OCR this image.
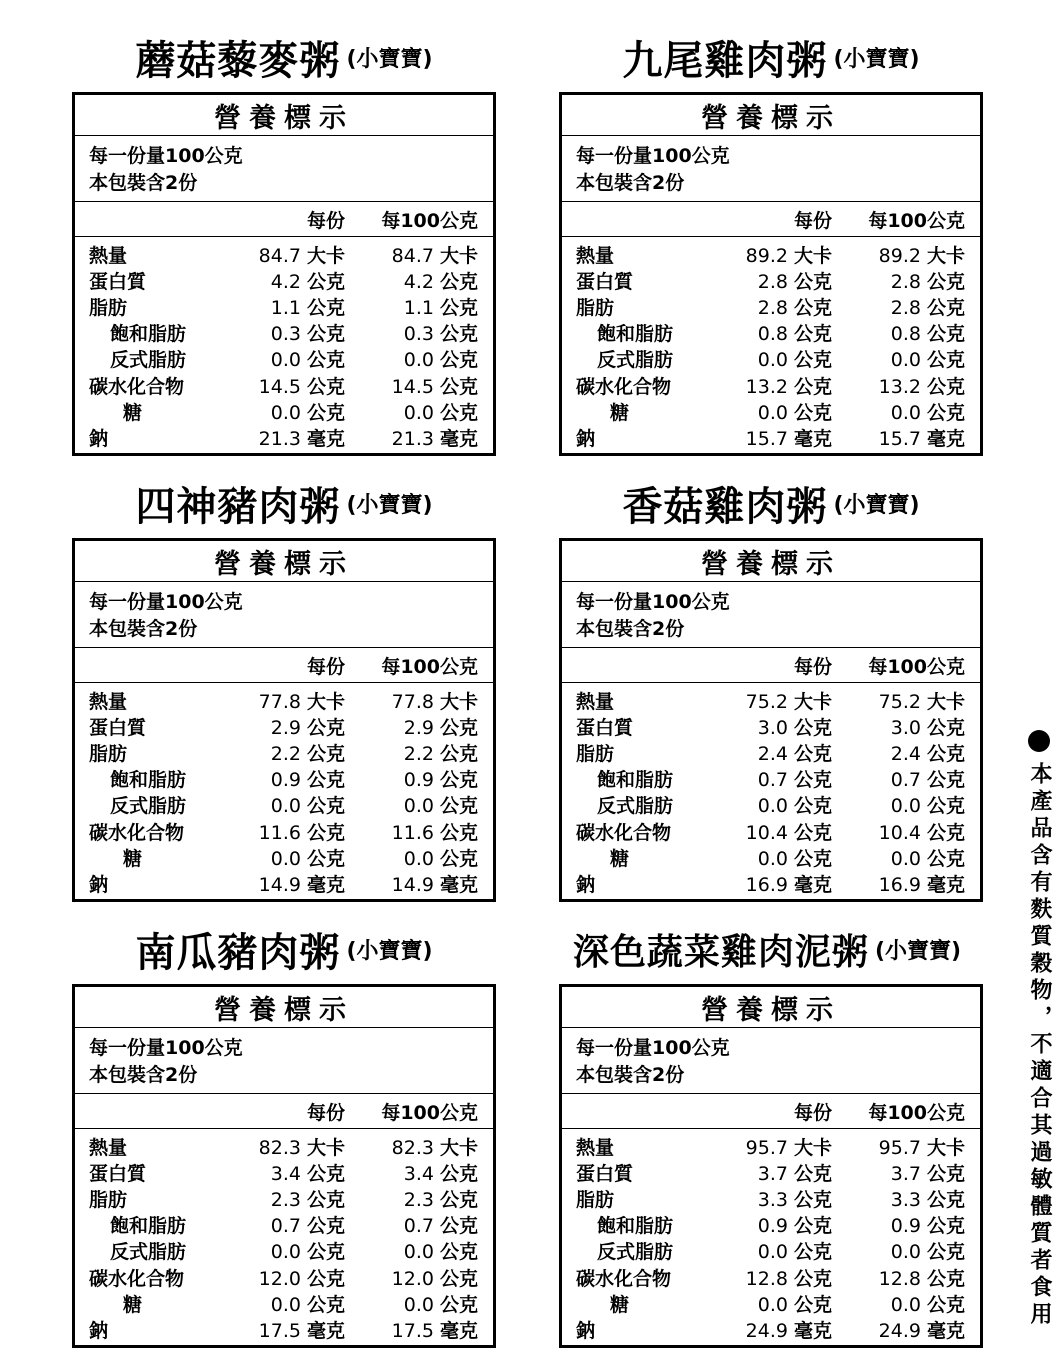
蘑菇藜麥粥 (小寶寶)
營養標示
每一份量100公克
本包裝含2份
每份	每100公克
熱量	84.7 大卡	84.7 大卡
蛋白質	4.2 公克	4.2 公克
脂肪	1.1 公克	1.1 公克
飽和脂肪	0.3 公克	0.3 公克
反式脂肪	0.0 公克	0.0 公克
碳水化合物	14.5 公克	14.5 公克
糖	0.0 公克	0.0 公克
鈉	21.3 毫克	21.3 毫克
九尾雞肉粥 (小寶寶)
營養標示
每一份量100公克
本包裝含2份
每份	每100公克
熱量	89.2 大卡	89.2 大卡
蛋白質	2.8 公克	2.8 公克
脂肪	2.8 公克	2.8 公克
飽和脂肪	0.8 公克	0.8 公克
反式脂肪	0.0 公克	0.0 公克
碳水化合物	13.2 公克	13.2 公克
糖	0.0 公克	0.0 公克
鈉	15.7 毫克	15.7 毫克
四神豬肉粥 (小寶寶)
營養標示
每一份量100公克
本包裝含2份
每份	每100公克
熱量	77.8 大卡	77.8 大卡
蛋白質	2.9 公克	2.9 公克
脂肪	2.2 公克	2.2 公克
飽和脂肪	0.9 公克	0.9 公克
反式脂肪	0.0 公克	0.0 公克
碳水化合物	11.6 公克	11.6 公克
糖	0.0 公克	0.0 公克
鈉	14.9 毫克	14.9 毫克
香菇雞肉粥 (小寶寶)
營養標示
每一份量100公克
本包裝含2份
每份	每100公克
熱量	75.2 大卡	75.2 大卡
蛋白質	3.0 公克	3.0 公克
脂肪	2.4 公克	2.4 公克
飽和脂肪	0.7 公克	0.7 公克
反式脂肪	0.0 公克	0.0 公克
碳水化合物	10.4 公克	10.4 公克
糖	0.0 公克	0.0 公克
鈉	16.9 毫克	16.9 毫克
南瓜豬肉粥 (小寶寶)
營養標示
每一份量100公克
本包裝含2份
每份	每100公克
熱量	82.3 大卡	82.3 大卡
蛋白質	3.4 公克	3.4 公克
脂肪	2.3 公克	2.3 公克
飽和脂肪	0.7 公克	0.7 公克
反式脂肪	0.0 公克	0.0 公克
碳水化合物	12.0 公克	12.0 公克
糖	0.0 公克	0.0 公克
鈉	17.5 毫克	17.5 毫克
深色蔬菜雞肉泥粥 (小寶寶)
營養標示
每一份量100公克
本包裝含2份
每份	每100公克
熱量	95.7 大卡	95.7 大卡
蛋白質	3.7 公克	3.7 公克
脂肪	3.3 公克	3.3 公克
飽和脂肪	0.9 公克	0.9 公克
反式脂肪	0.0 公克	0.0 公克
碳水化合物	12.8 公克	12.8 公克
糖	0.0 公克	0.0 公克
鈉	24.9 毫克	24.9 毫克
本產品含有麩質穀物，不適合其過敏體質者食用
